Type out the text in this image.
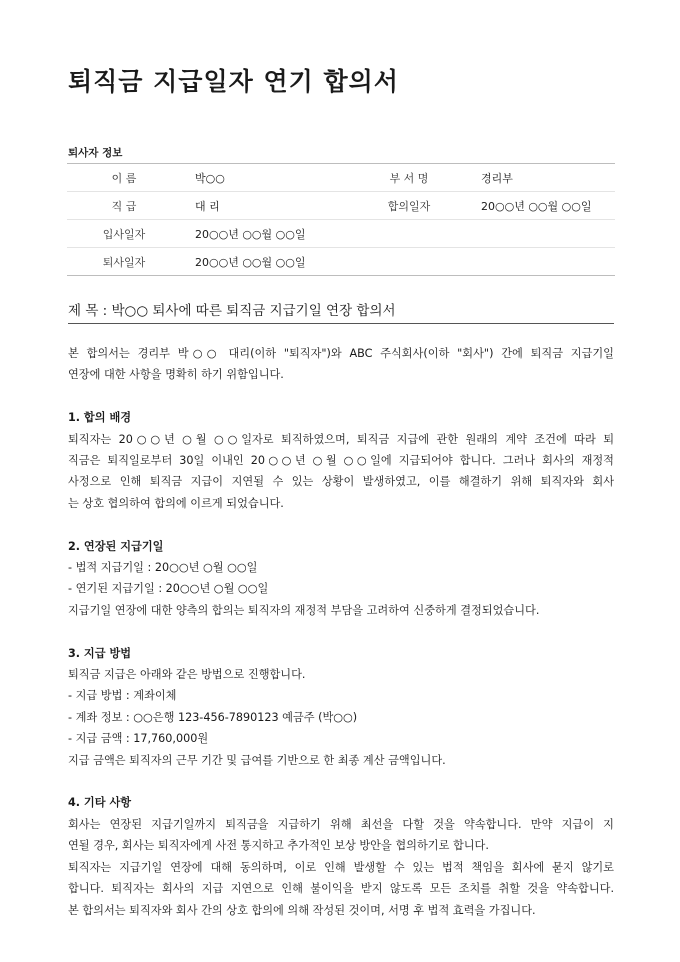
퇴직금 지급일자 연기 합의서
퇴사자 정보
이 름	박○○	부 서 명	경리부
직 급	대 리	합의일자	20○○년 ○○월 ○○일
입사일자	20○○년 ○○월 ○○일		
퇴사일자	20○○년 ○○월 ○○일		
제 목 : 박○○ 퇴사에 따른 퇴직금 지급기일 연장 합의서
본 합의서는 경리부 박○○ 대리(이하 "퇴직자")와 ABC 주식회사(이하 "회사") 간에 퇴직금 지급기일
연장에 대한 사항을 명확히 하기 위함입니다.
1. 합의 배경
퇴직자는 20○○년 ○월 ○○일자로 퇴직하였으며, 퇴직금 지급에 관한 원래의 계약 조건에 따라 퇴
직금은 퇴직일로부터 30일 이내인 20○○년 ○월 ○○일에 지급되어야 합니다. 그러나 회사의 재정적
사정으로 인해 퇴직금 지급이 지연될 수 있는 상황이 발생하였고, 이를 해결하기 위해 퇴직자와 회사
는 상호 협의하여 합의에 이르게 되었습니다.
2. 연장된 지급기일
- 법적 지급기일 : 20○○년 ○월 ○○일
- 연기된 지급기일 : 20○○년 ○월 ○○일
지급기일 연장에 대한 양측의 합의는 퇴직자의 재정적 부담을 고려하여 신중하게 결정되었습니다.
3. 지급 방법
퇴직금 지급은 아래와 같은 방법으로 진행합니다.
- 지급 방법 : 계좌이체
- 계좌 정보 : ○○은행 123-456-7890123 예금주 (박○○)
- 지급 금액 : 17,760,000원
지급 금액은 퇴직자의 근무 기간 및 급여를 기반으로 한 최종 계산 금액입니다.
4. 기타 사항
회사는 연장된 지급기일까지 퇴직금을 지급하기 위해 최선을 다할 것을 약속합니다. 만약 지급이 지
연될 경우, 회사는 퇴직자에게 사전 통지하고 추가적인 보상 방안을 협의하기로 합니다.
퇴직자는 지급기일 연장에 대해 동의하며, 이로 인해 발생할 수 있는 법적 책임을 회사에 묻지 않기로
합니다. 퇴직자는 회사의 지급 지연으로 인해 불이익을 받지 않도록 모든 조치를 취할 것을 약속합니다.
본 합의서는 퇴직자와 회사 간의 상호 합의에 의해 작성된 것이며, 서명 후 법적 효력을 가집니다.
